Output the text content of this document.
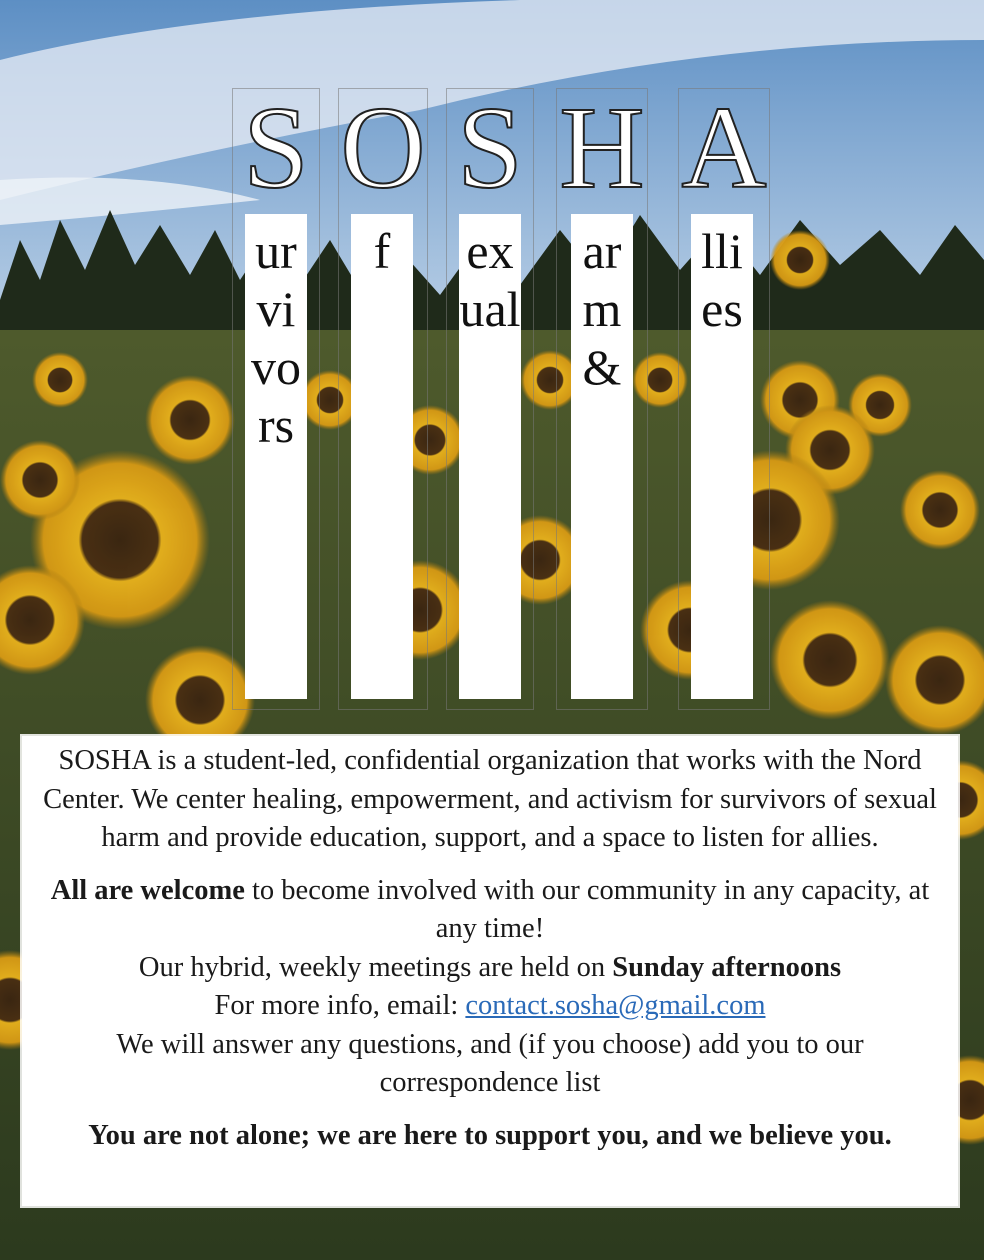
S
urvivors
O
f
S
exual
H
arm&
A
llies

SOSHA is a student-led, confidential organization that works with the Nord Center. We center healing, empowerment, and activism for survivors of sexual harm and provide education, support, and a space to listen for allies.

All are welcome to become involved with our community in any capacity, at any time!

Our hybrid, weekly meetings are held on Sunday afternoons

For more info, email: contact.sosha@gmail.com

We will answer any questions, and (if you choose) add you to our correspondence list

You are not alone; we are here to support you, and we believe you.
